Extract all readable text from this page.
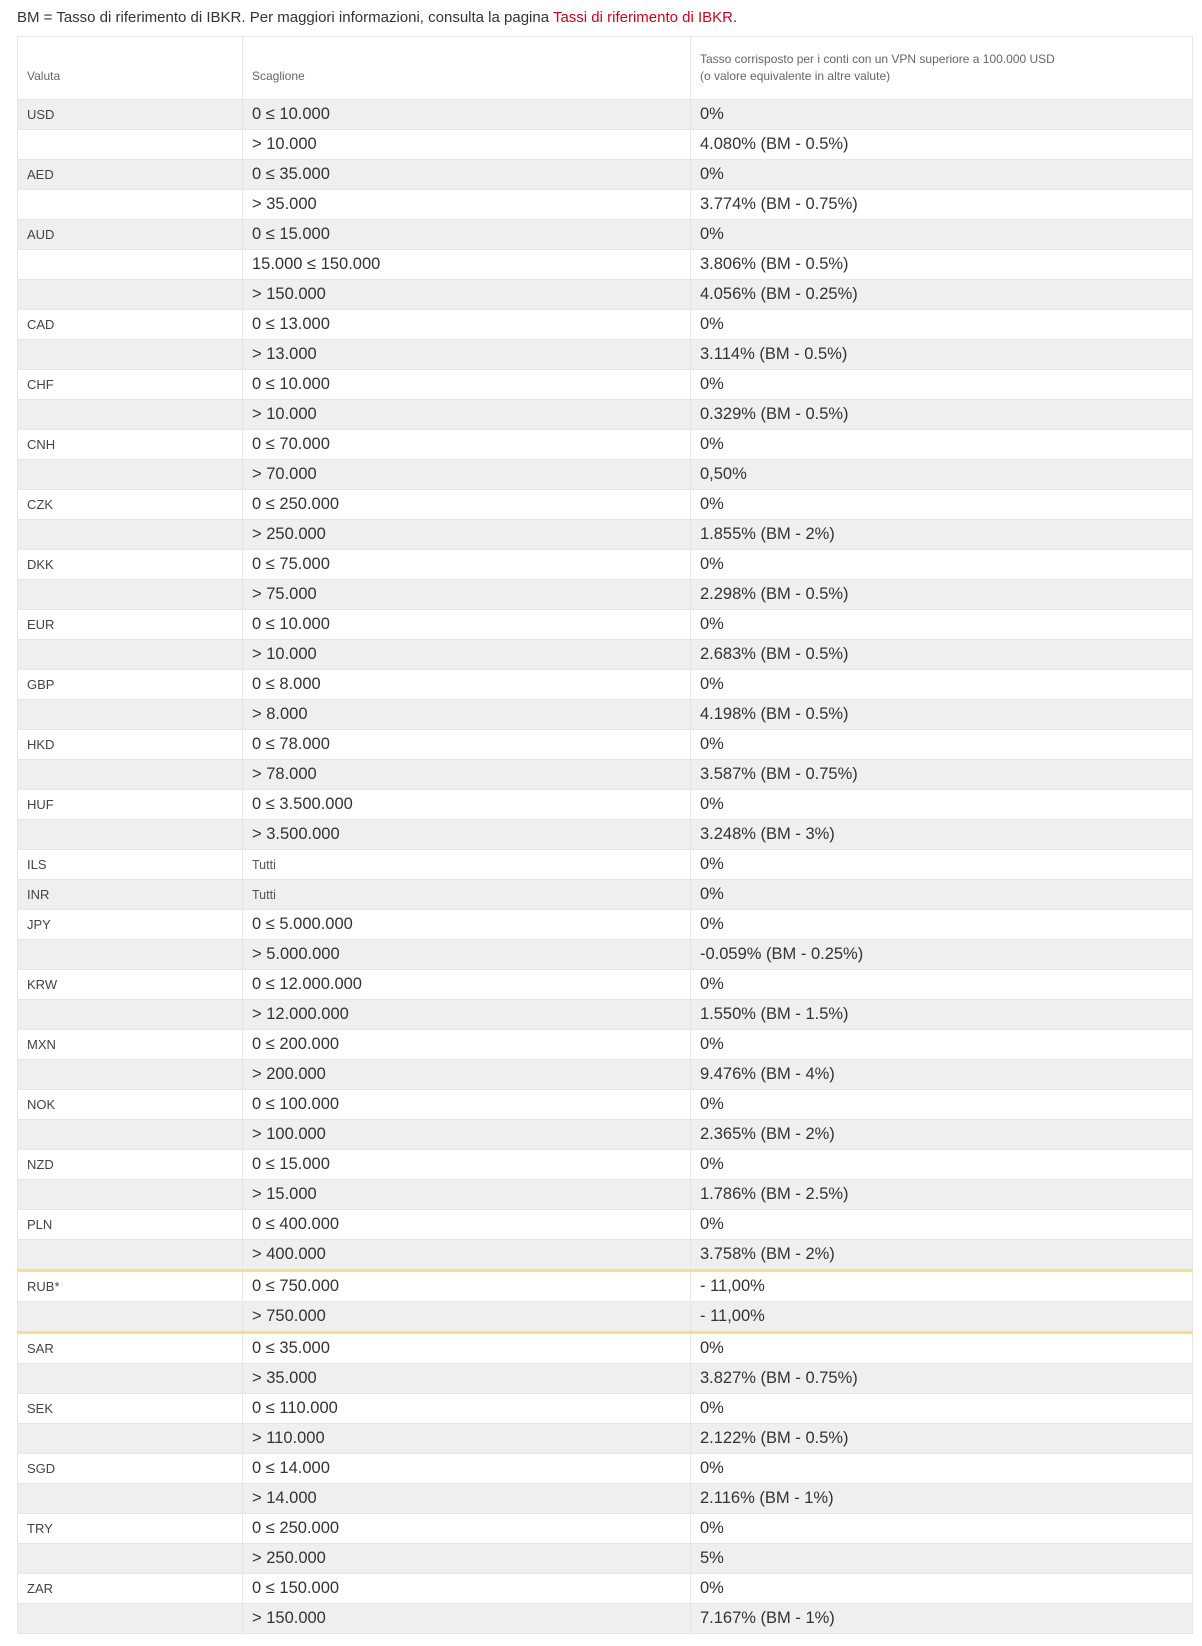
BM = Tasso di riferimento di IBKR. Per maggiori informazioni, consulta la pagina Tassi di riferimento di IBKR.
Valuta	Scaglione	Tasso corrisposto per i conti con un VPN superiore a 100.000 USD
(o valore equivalente in altre valute)
USD	0 ≤ 10.000	0%
	> 10.000	4.080% (BM - 0.5%)
AED	0 ≤ 35.000	0%
	> 35.000	3.774% (BM - 0.75%)
AUD	0 ≤ 15.000	0%
	15.000 ≤ 150.000	3.806% (BM - 0.5%)
	> 150.000	4.056% (BM - 0.25%)
CAD	0 ≤ 13.000	0%
	> 13.000	3.114% (BM - 0.5%)
CHF	0 ≤ 10.000	0%
	> 10.000	0.329% (BM - 0.5%)
CNH	0 ≤ 70.000	0%
	> 70.000	0,50%
CZK	0 ≤ 250.000	0%
	> 250.000	1.855% (BM - 2%)
DKK	0 ≤ 75.000	0%
	> 75.000	2.298% (BM - 0.5%)
EUR	0 ≤ 10.000	0%
	> 10.000	2.683% (BM - 0.5%)
GBP	0 ≤ 8.000	0%
	> 8.000	4.198% (BM - 0.5%)
HKD	0 ≤ 78.000	0%
	> 78.000	3.587% (BM - 0.75%)
HUF	0 ≤ 3.500.000	0%
	> 3.500.000	3.248% (BM - 3%)
ILS	Tutti	0%
INR	Tutti	0%
JPY	0 ≤ 5.000.000	0%
	> 5.000.000	-0.059% (BM - 0.25%)
KRW	0 ≤ 12.000.000	0%
	> 12.000.000	1.550% (BM - 1.5%)
MXN	0 ≤ 200.000	0%
	> 200.000	9.476% (BM - 4%)
NOK	0 ≤ 100.000	0%
	> 100.000	2.365% (BM - 2%)
NZD	0 ≤ 15.000	0%
	> 15.000	1.786% (BM - 2.5%)
PLN	0 ≤ 400.000	0%
	> 400.000	3.758% (BM - 2%)
RUB*	0 ≤ 750.000	- 11,00%
	> 750.000	- 11,00%
SAR	0 ≤ 35.000	0%
	> 35.000	3.827% (BM - 0.75%)
SEK	0 ≤ 110.000	0%
	> 110.000	2.122% (BM - 0.5%)
SGD	0 ≤ 14.000	0%
	> 14.000	2.116% (BM - 1%)
TRY	0 ≤ 250.000	0%
	> 250.000	5%
ZAR	0 ≤ 150.000	0%
	> 150.000	7.167% (BM - 1%)
